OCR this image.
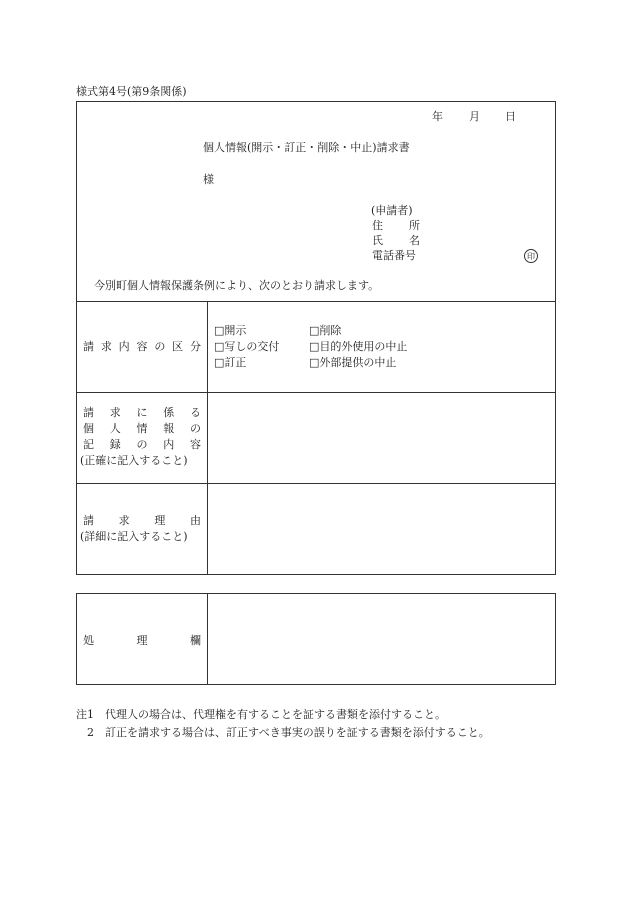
様式第4号(第9条関係)
年 月 日
個人情報(開示・訂正・削除・中止)請求書
様
(申請者)
住 所
氏 名
電話番号	印
今別町個人情報保護条例により、次のとおり請求します。
請 求 内 容 の 区 分
□開示	□削除
□写しの交付	□目的外使用の中止
□訂正	□外部提供の中止
請 求 に 係 る
個 人 情 報 の
記 録 の 内 容
(正確に記入すること)
請 求 理 由
(詳細に記入すること)
処	理	欄
注1　代理人の場合は、代理権を有することを証する書類を添付すること。
　2　訂正を請求する場合は、訂正すべき事実の誤りを証する書類を添付すること。
